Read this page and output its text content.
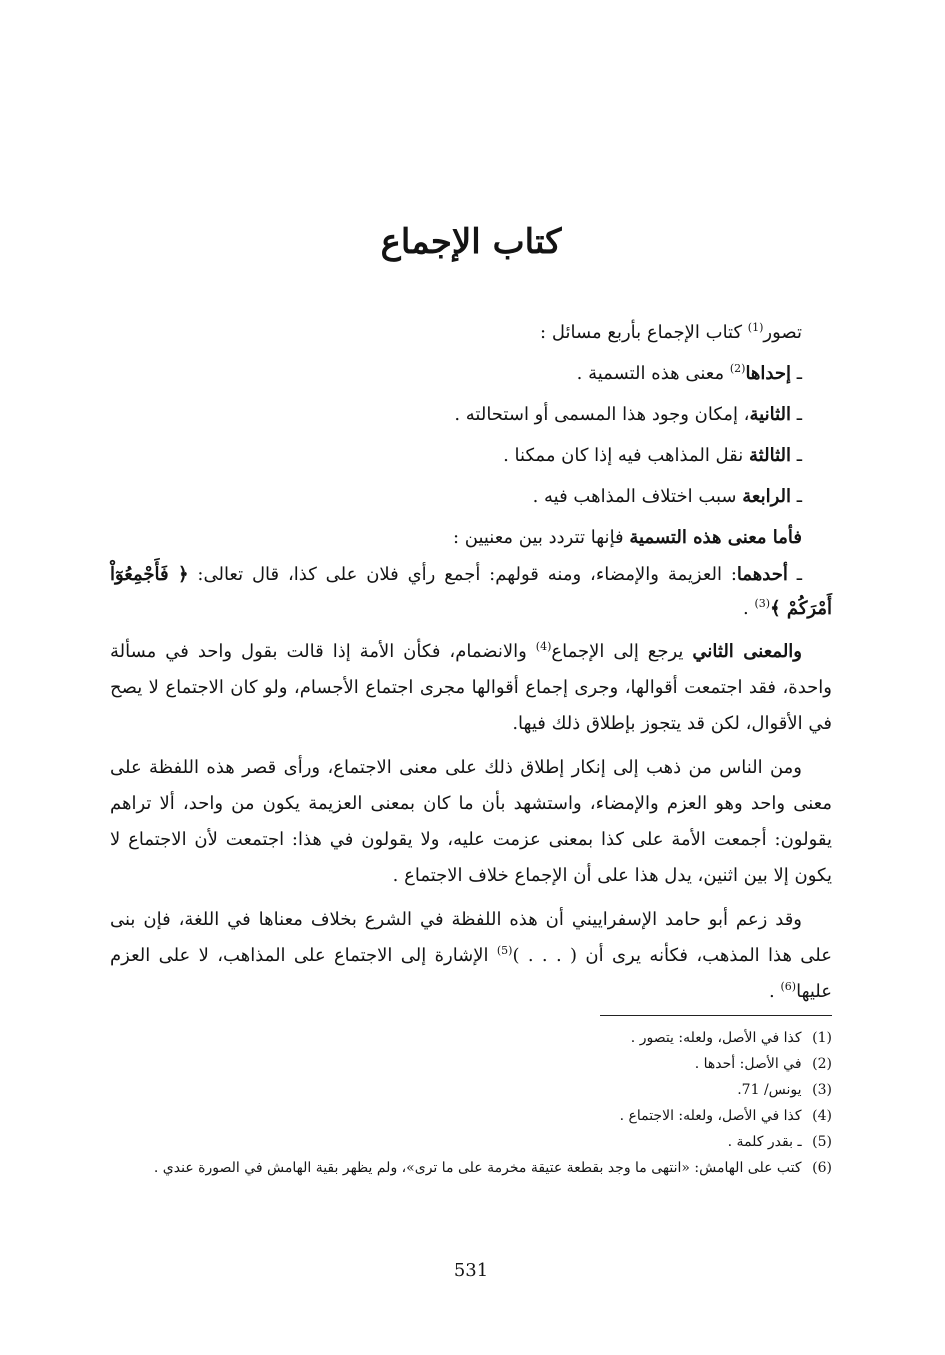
كتاب الإجماع

تصور$^{(1)}$ كتاب الإجماع بأربع مسائل :

ـ إحداها$^{(2)}$ معنى هذه التسمية .

ـ الثانية، إمكان وجود هذا المسمى أو استحالته .

ـ الثالثة نقل المذاهب فيه إذا كان ممكنا .

ـ الرابعة سبب اختلاف المذاهب فيه .

فأما معنى هذه التسمية فإنها تتردد بين معنيين :

ـ أحدهما: العزيمة والإمضاء، ومنه قولهم: أجمع رأي فلان على كذا، قال تعالى: ﴿ فَأَجْمِعُوٓاْ أَمْرَكُمْ ﴾$^{(3)}$ .

والمعنى الثاني يرجع إلى الإجماع$^{(4)}$ والانضمام، فكأن الأمة إذا قالت بقول واحد في مسألة واحدة، فقد اجتمعت أقوالها، وجرى إجماع أقوالها مجرى اجتماع الأجسام، ولو كان الاجتماع لا يصح في الأقوال، لكن قد يتجوز بإطلاق ذلك فيها.

ومن الناس من ذهب إلى إنكار إطلاق ذلك على معنى الاجتماع، ورأى قصر هذه اللفظة على معنى واحد وهو العزم والإمضاء، واستشهد بأن ما كان بمعنى العزيمة يكون من واحد، ألا تراهم يقولون: أجمعت الأمة على كذا بمعنى عزمت عليه، ولا يقولون في هذا: اجتمعت لأن الاجتماع لا يكون إلا بين اثنين، يدل هذا على أن الإجماع خلاف الاجتماع .

وقد زعم أبو حامد الإسفراييني أن هذه اللفظة في الشرع بخلاف معناها في اللغة، فإن بنى على هذا المذهب، فكأنه يرى أن ( . . . )$^{(5)}$ الإشارة إلى الاجتماع على المذاهب، لا على العزم عليها$^{(6)}$ .

(1) كذا في الأصل، ولعله: يتصور .

(2) في الأصل: أحدها .

(3) يونس/ 71.

(4) كذا في الأصل، ولعله: الاجتماع .

(5) ـ بقدر كلمة .

(6) كتب على الهامش: «انتهى ما وجد بقطعة عتيقة مخرمة على ما ترى»، ولم يظهر بقية الهامش في الصورة عندي .

531
